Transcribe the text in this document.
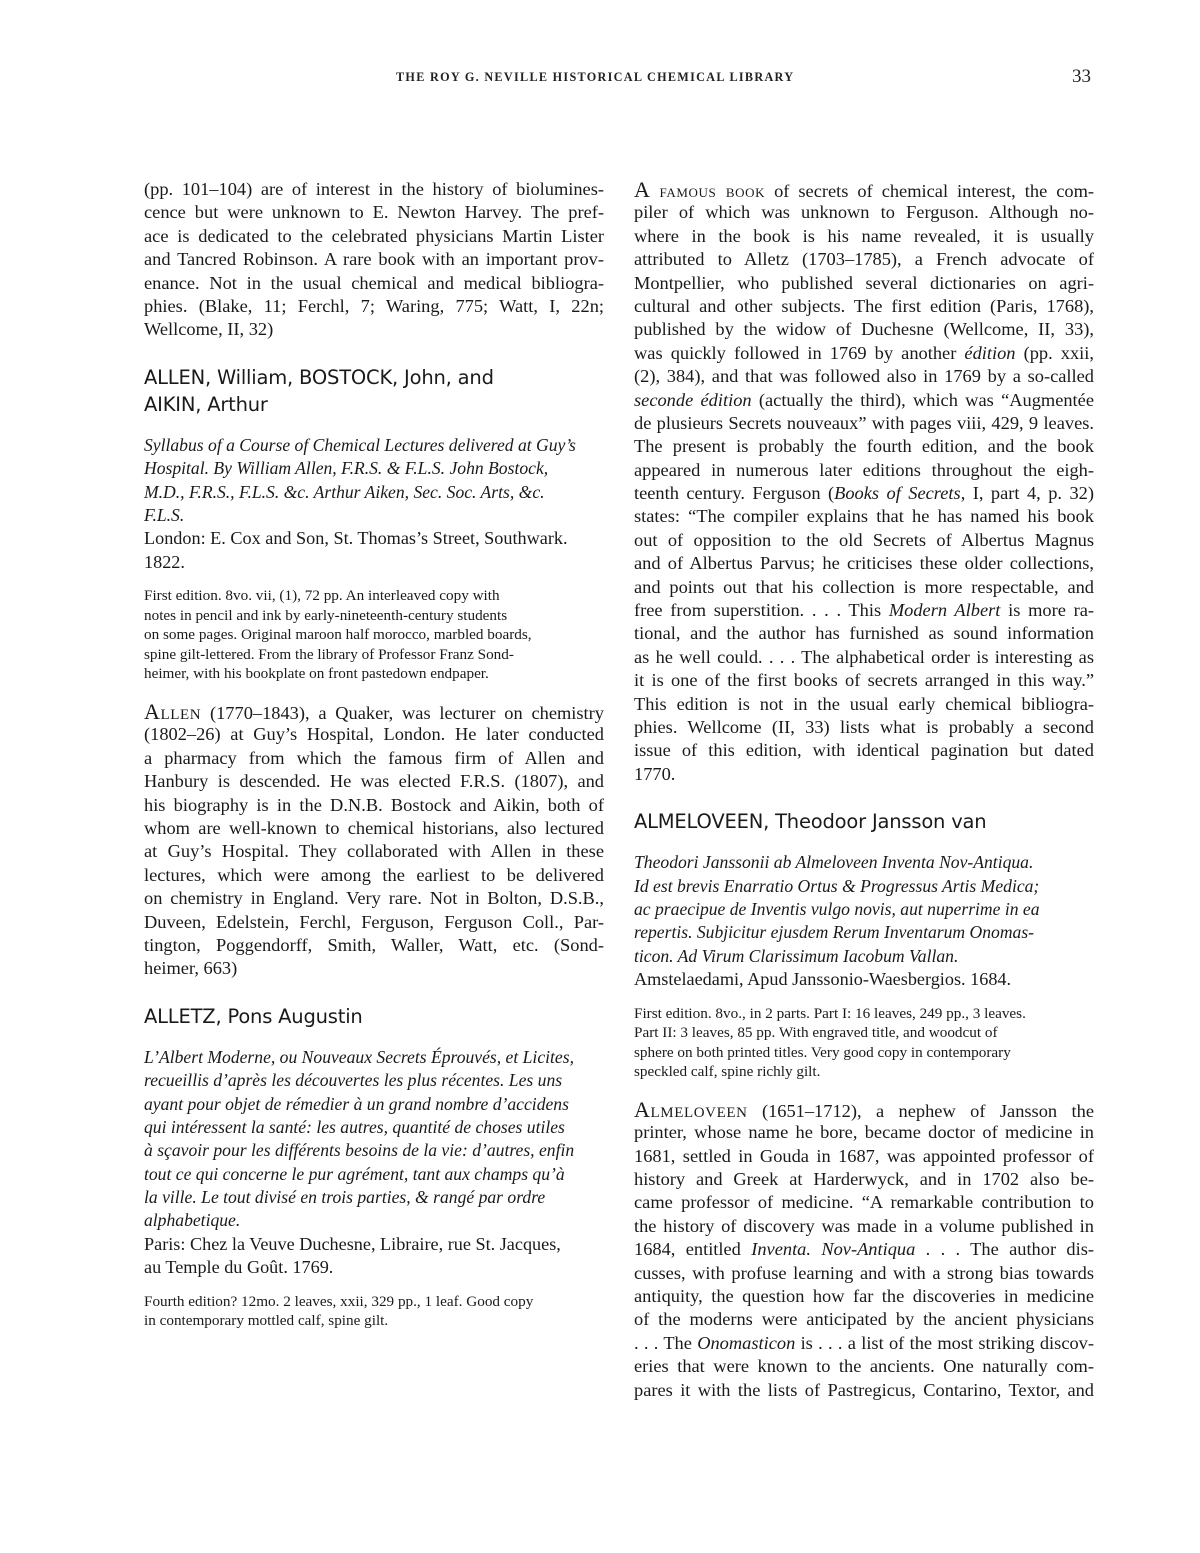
THE ROY G. NEVILLE HISTORICAL CHEMICAL LIBRARY	33
(pp. 101–104) are of interest in the history of biolumines-
cence but were unknown to E. Newton Harvey. The pref-
ace is dedicated to the celebrated physicians Martin Lister
and Tancred Robinson. A rare book with an important prov-
enance. Not in the usual chemical and medical bibliogra-
phies. (Blake, 11; Ferchl, 7; Waring, 775; Watt, I, 22n;
Wellcome, II, 32)
ALLEN, William, BOSTOCK, John, and
AIKIN, Arthur
Syllabus of a Course of Chemical Lectures delivered at Guy’s
Hospital. By William Allen, F.R.S. & F.L.S. John Bostock,
M.D., F.R.S., F.L.S. &c. Arthur Aiken, Sec. Soc. Arts, &c.
F.L.S.
London: E. Cox and Son, St. Thomas’s Street, Southwark.
1822.
First edition. 8vo. vii, (1), 72 pp. An interleaved copy with
notes in pencil and ink by early-nineteenth-century students
on some pages. Original maroon half morocco, marbled boards,
spine gilt-lettered. From the library of Professor Franz Sond-
heimer, with his bookplate on front pastedown endpaper.
Allen (1770–1843), a Quaker, was lecturer on chemistry
(1802–26) at Guy’s Hospital, London. He later conducted
a pharmacy from which the famous firm of Allen and
Hanbury is descended. He was elected F.R.S. (1807), and
his biography is in the D.N.B. Bostock and Aikin, both of
whom are well-known to chemical historians, also lectured
at Guy’s Hospital. They collaborated with Allen in these
lectures, which were among the earliest to be delivered
on chemistry in England. Very rare. Not in Bolton, D.S.B.,
Duveen, Edelstein, Ferchl, Ferguson, Ferguson Coll., Par-
tington, Poggendorff, Smith, Waller, Watt, etc. (Sond-
heimer, 663)
ALLETZ, Pons Augustin
L’Albert Moderne, ou Nouveaux Secrets Éprouvés, et Licites,
recueillis d’après les découvertes les plus récentes. Les uns
ayant pour objet de rémedier à un grand nombre d’accidens
qui intéressent la santé: les autres, quantité de choses utiles
à sçavoir pour les différents besoins de la vie: d’autres, enfin
tout ce qui concerne le pur agrément, tant aux champs qu’à
la ville. Le tout divisé en trois parties, & rangé par ordre
alphabetique.
Paris: Chez la Veuve Duchesne, Libraire, rue St. Jacques,
au Temple du Goût. 1769.
Fourth edition? 12mo. 2 leaves, xxii, 329 pp., 1 leaf. Good copy
in contemporary mottled calf, spine gilt.
A famous book of secrets of chemical interest, the com-
piler of which was unknown to Ferguson. Although no-
where in the book is his name revealed, it is usually
attributed to Alletz (1703–1785), a French advocate of
Montpellier, who published several dictionaries on agri-
cultural and other subjects. The first edition (Paris, 1768),
published by the widow of Duchesne (Wellcome, II, 33),
was quickly followed in 1769 by another édition (pp. xxii,
(2), 384), and that was followed also in 1769 by a so-called
seconde édition (actually the third), which was “Augmentée
de plusieurs Secrets nouveaux” with pages viii, 429, 9 leaves.
The present is probably the fourth edition, and the book
appeared in numerous later editions throughout the eigh-
teenth century. Ferguson (Books of Secrets, I, part 4, p. 32)
states: “The compiler explains that he has named his book
out of opposition to the old Secrets of Albertus Magnus
and of Albertus Parvus; he criticises these older collections,
and points out that his collection is more respectable, and
free from superstition. . . . This Modern Albert is more ra-
tional, and the author has furnished as sound information
as he well could. . . . The alphabetical order is interesting as
it is one of the first books of secrets arranged in this way.”
This edition is not in the usual early chemical bibliogra-
phies. Wellcome (II, 33) lists what is probably a second
issue of this edition, with identical pagination but dated
1770.
ALMELOVEEN, Theodoor Jansson van
Theodori Janssonii ab Almeloveen Inventa Nov-Antiqua.
Id est brevis Enarratio Ortus & Progressus Artis Medica;
ac praecipue de Inventis vulgo novis, aut nuperrime in ea
repertis. Subjicitur ejusdem Rerum Inventarum Onomas-
ticon. Ad Virum Clarissimum Iacobum Vallan.
Amstelaedami, Apud Janssonio-Waesbergios. 1684.
First edition. 8vo., in 2 parts. Part I: 16 leaves, 249 pp., 3 leaves.
Part II: 3 leaves, 85 pp. With engraved title, and woodcut of
sphere on both printed titles. Very good copy in contemporary
speckled calf, spine richly gilt.
Almeloveen (1651–1712), a nephew of Jansson the
printer, whose name he bore, became doctor of medicine in
1681, settled in Gouda in 1687, was appointed professor of
history and Greek at Harderwyck, and in 1702 also be-
came professor of medicine. “A remarkable contribution to
the history of discovery was made in a volume published in
1684, entitled Inventa. Nov-Antiqua . . . The author dis-
cusses, with profuse learning and with a strong bias towards
antiquity, the question how far the discoveries in medicine
of the moderns were anticipated by the ancient physicians
. . . The Onomasticon is . . . a list of the most striking discov-
eries that were known to the ancients. One naturally com-
pares it with the lists of Pastregicus, Contarino, Textor, and
